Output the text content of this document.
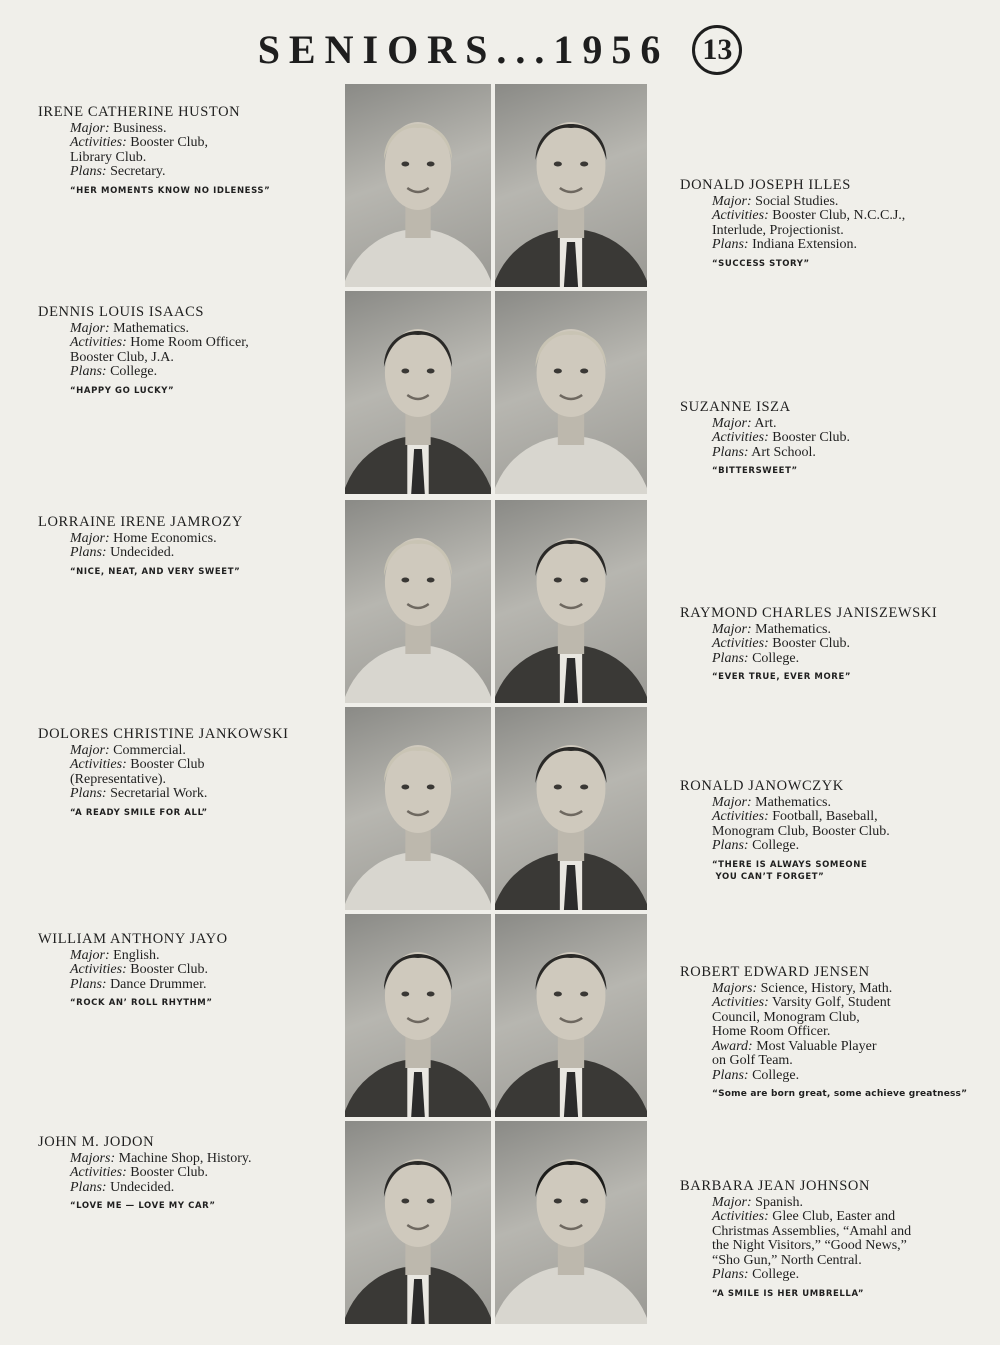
SENIORS...1956 13
IRENE CATHERINE HUSTON
Major: Business.
Activities: Booster Club,
Library Club.
Plans: Secretary.
“HER MOMENTS KNOW NO IDLENESS”
DENNIS LOUIS ISAACS
Major: Mathematics.
Activities: Home Room Officer,
Booster Club, J.A.
Plans: College.
“HAPPY GO LUCKY”
LORRAINE IRENE JAMROZY
Major: Home Economics.
Plans: Undecided.
“NICE, NEAT, AND VERY SWEET”
DOLORES CHRISTINE JANKOWSKI
Major: Commercial.
Activities: Booster Club
(Representative).
Plans: Secretarial Work.
“A READY SMILE FOR ALL”
WILLIAM ANTHONY JAYO
Major: English.
Activities: Booster Club.
Plans: Dance Drummer.
“ROCK AN’ ROLL RHYTHM”
JOHN M. JODON
Majors: Machine Shop, History.
Activities: Booster Club.
Plans: Undecided.
“LOVE ME — LOVE MY CAR”
DONALD JOSEPH ILLES
Major: Social Studies.
Activities: Booster Club, N.C.C.J.,
Interlude, Projectionist.
Plans: Indiana Extension.
“SUCCESS STORY”
SUZANNE ISZA
Major: Art.
Activities: Booster Club.
Plans: Art School.
“BITTERSWEET”
RAYMOND CHARLES JANISZEWSKI
Major: Mathematics.
Activities: Booster Club.
Plans: College.
“EVER TRUE, EVER MORE”
RONALD JANOWCZYK
Major: Mathematics.
Activities: Football, Baseball,
Monogram Club, Booster Club.
Plans: College.
“THERE IS ALWAYS SOMEONE
YOU CAN’T FORGET”
ROBERT EDWARD JENSEN
Majors: Science, History, Math.
Activities: Varsity Golf, Student
Council, Monogram Club,
Home Room Officer.
Award: Most Valuable Player
on Golf Team.
Plans: College.
“Some are born great, some achieve greatness”
BARBARA JEAN JOHNSON
Major: Spanish.
Activities: Glee Club, Easter and
Christmas Assemblies, “Amahl and
the Night Visitors,” “Good News,”
“Sho Gun,” North Central.
Plans: College.
“A SMILE IS HER UMBRELLA”
